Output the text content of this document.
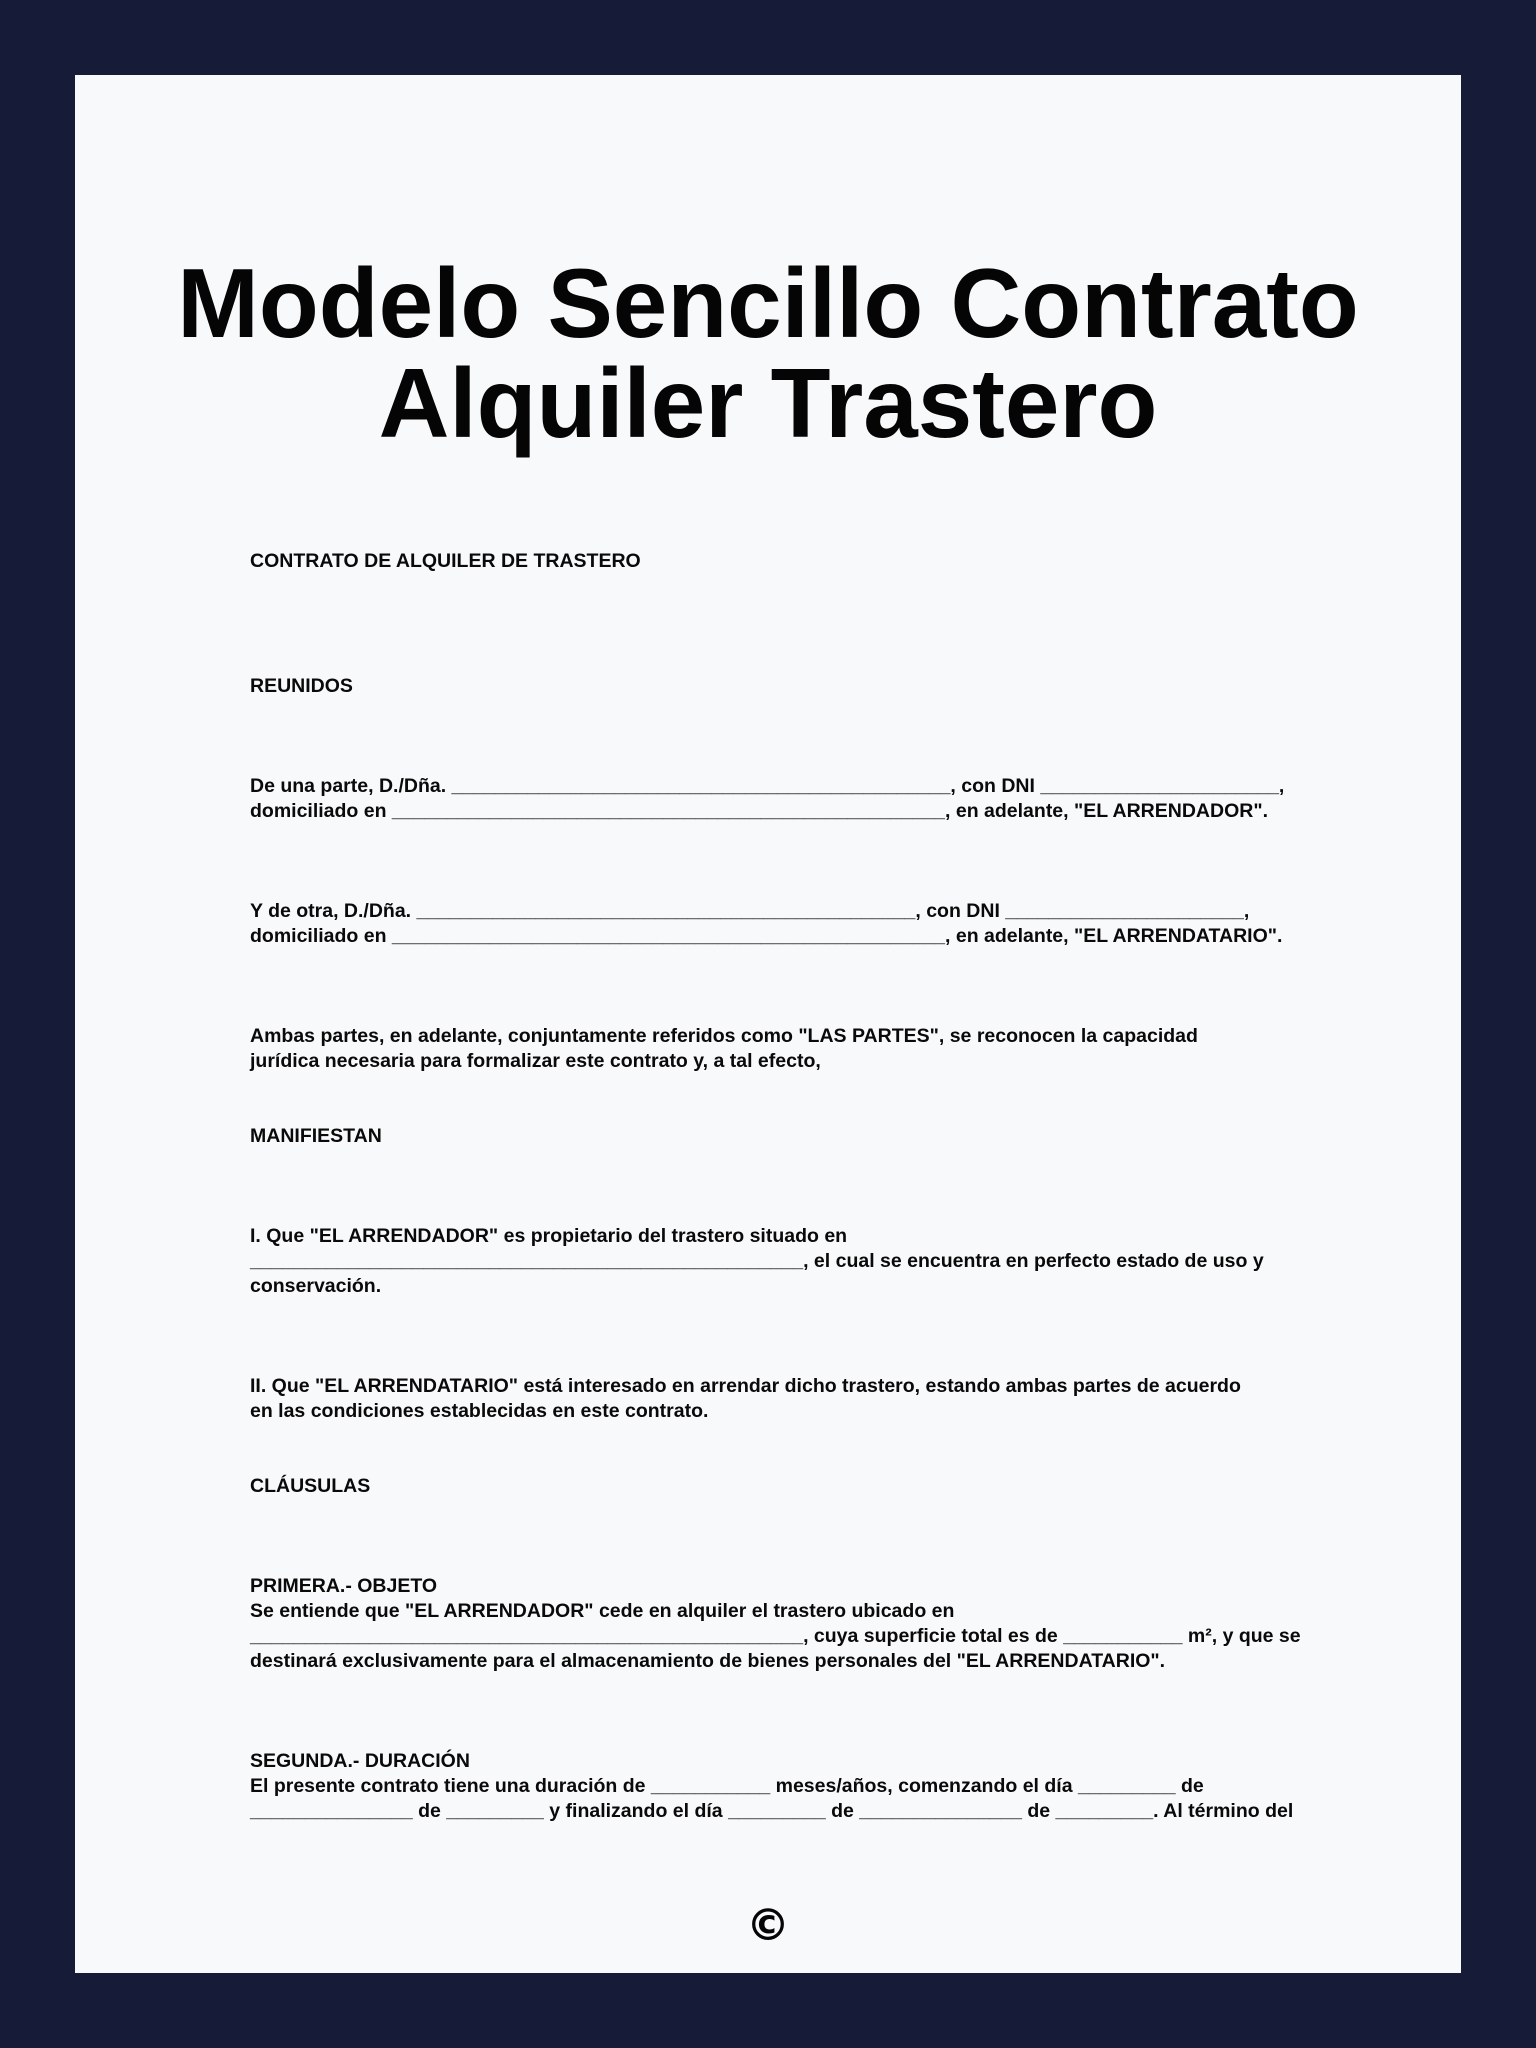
Modelo Sencillo Contrato
Alquiler Trastero

CONTRATO DE ALQUILER DE TRASTERO

REUNIDOS

De una parte, D./Dña. ______________________________________________, con DNI ______________________,
domiciliado en ___________________________________________________, en adelante, "EL ARRENDADOR".

Y de otra, D./Dña. ______________________________________________, con DNI ______________________,
domiciliado en ___________________________________________________, en adelante, "EL ARRENDATARIO".

Ambas partes, en adelante, conjuntamente referidos como "LAS PARTES", se reconocen la capacidad
jurídica necesaria para formalizar este contrato y, a tal efecto,

MANIFIESTAN

I. Que "EL ARRENDADOR" es propietario del trastero situado en
___________________________________________________, el cual se encuentra en perfecto estado de uso y
conservación.

II. Que "EL ARRENDATARIO" está interesado en arrendar dicho trastero, estando ambas partes de acuerdo
en las condiciones establecidas en este contrato.

CLÁUSULAS

PRIMERA.- OBJETO
Se entiende que "EL ARRENDADOR" cede en alquiler el trastero ubicado en
___________________________________________________, cuya superficie total es de ___________ m², y que se
destinará exclusivamente para el almacenamiento de bienes personales del "EL ARRENDATARIO".

SEGUNDA.- DURACIÓN
El presente contrato tiene una duración de ___________ meses/años, comenzando el día _________ de
_______________ de _________ y finalizando el día _________ de _______________ de _________. Al término del

©
